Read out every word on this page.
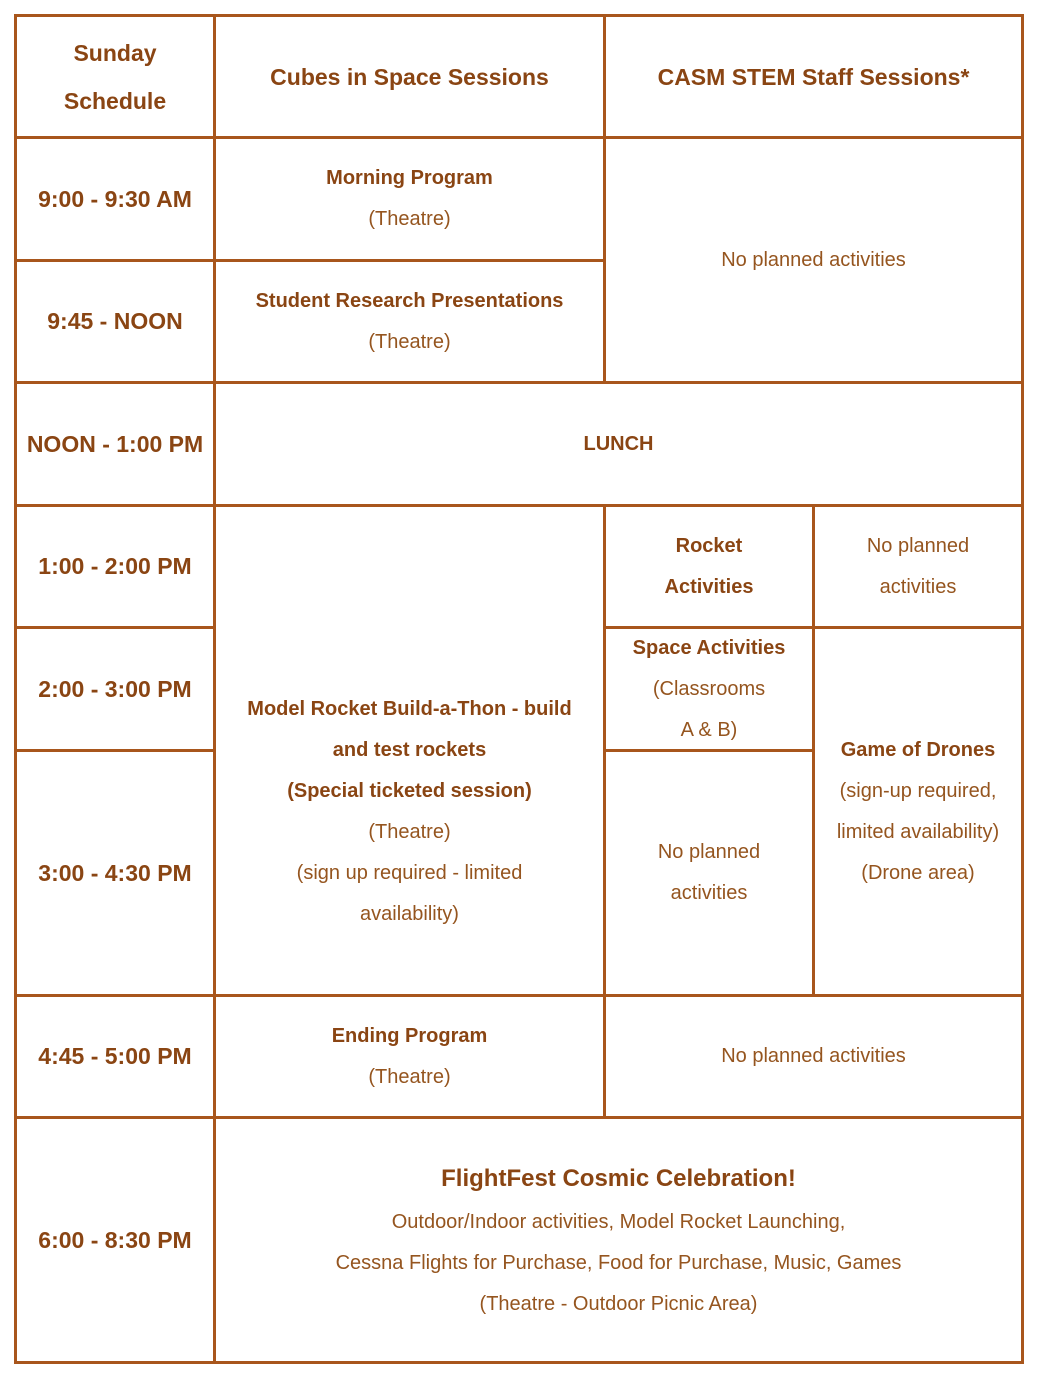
Sunday
Schedule
Cubes in Space Sessions	CASM STEM Staff Sessions*
9:00 - 9:30 AM
9:45 - NOON
NOON - 1:00 PM
1:00 - 2:00 PM
2:00 - 3:00 PM
3:00 - 4:30 PM
4:45 - 5:00 PM
6:00 - 8:30 PM
Morning Program
(Theatre)
Student Research Presentations
(Theatre)
No planned activities
LUNCH
Rocket
Activities
No planned
activities
Model Rocket Build-a-Thon - build
and test rockets
(Special ticketed session)
(Theatre)
(sign up required - limited
availability)
Space Activities
(Classrooms
A & B)
No planned
activities
Game of Drones
(sign-up required,
limited availability)
(Drone area)
Ending Program
(Theatre)
No planned activities
FlightFest Cosmic Celebration!
Outdoor/Indoor activities, Model Rocket Launching,
Cessna Flights for Purchase, Food for Purchase, Music, Games
(Theatre - Outdoor Picnic Area)
